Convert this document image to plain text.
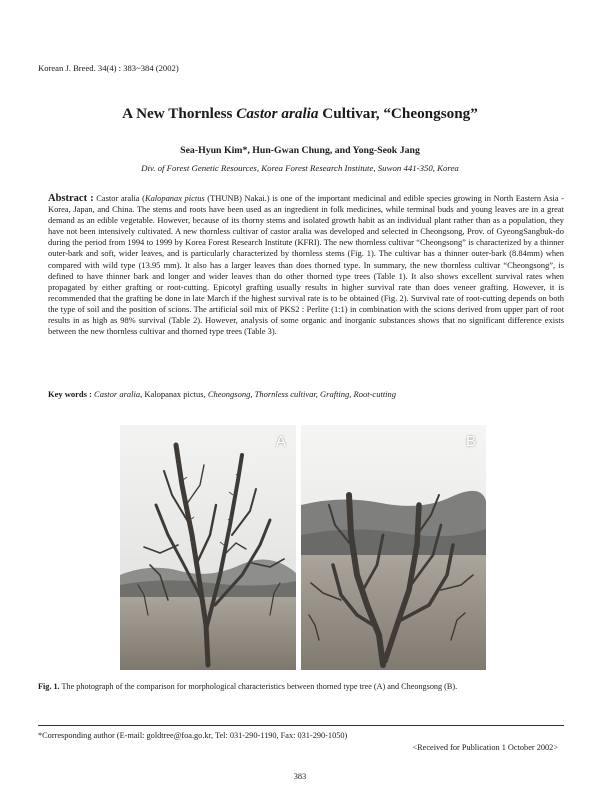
Korean J. Breed. 34(4) : 383~384 (2002)
A New Thornless Castor aralia Cultivar, “Cheongsong”
Sea-Hyun Kim*, Hun-Gwan Chung, and Yong-Seok Jang
Div. of Forest Genetic Resources, Korea Forest Research Institute, Suwon 441-350, Korea

Abstract : Castor aralia (Kalopanax pictus (THUNB) Nakai.) is one of the important medicinal and edible species growing in North Eastern Asia - Korea, Japan, and China. The stems and roots have been used as an ingredient in folk medicines, while terminal buds and young leaves are in a great demand as an edible vegetable. However, because of its thorny stems and isolated growth habit as an individual plant rather than as a population, they have not been intensively cultivated. A new thornless cultivar of castor aralia was developed and selected in Cheongsong, Prov. of GyeongSangbuk-do during the period from 1994 to 1999 by Korea Forest Research Institute (KFRI). The new thornless cultivar “Cheongsong” is characterized by a thinner outer-bark and soft, wider leaves, and is particularly characterized by thornless stems (Fig. 1). The cultivar has a thinner outer-bark (8.84mm) when compared with wild type (13.95 mm). It also has a larger leaves than does thorned type. In summary, the new thornless cultivar “Cheongsong”, is defined to have thinner bark and longer and wider leaves than do other thorned type trees (Table 1). It also shows excellent survival rates when propagated by either grafting or root-cutting. Epicotyl grafting usually results in higher survival rate than does veneer grafting. However, it is recommended that the grafting be done in late March if the highest survival rate is to be obtained (Fig. 2). Survival rate of root-cutting depends on both the type of soil and the position of scions. The artificial soil mix of PKS2 : Perlite (1:1) in combination with the scions derived from upper part of root results in as high as 98% survival (Table 2). However, analysis of some organic and inorganic substances shows that no significant difference exists between the new thornless cultivar and thorned type trees (Table 3).

Key words : Castor aralia, Kalopanax pictus, Cheongsong, Thornless cultivar, Grafting, Root-cutting
A	B
Fig. 1. The photograph of the comparison for morphological characteristics between thorned type tree (A) and Cheongsong (B).
*Corresponding author (E-mail: goldtree@foa.go.kr, Tel: 031-290-1190, Fax: 031-290-1050)
<Received for Publication 1 October 2002>
383
